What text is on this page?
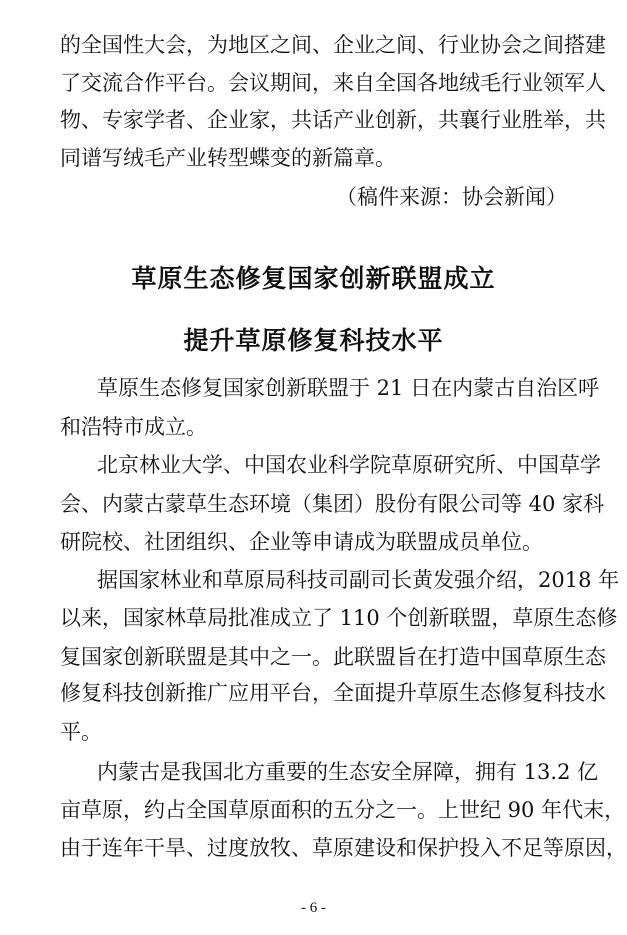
的全国性大会，为地区之间、企业之间、行业协会之间搭建
了交流合作平台。会议期间，来自全国各地绒毛行业领军人
物、专家学者、企业家，共话产业创新，共襄行业胜举，共
同谱写绒毛产业转型蝶变的新篇章。
（稿件来源：协会新闻）
草原生态修复国家创新联盟成立
提升草原修复科技水平
草原生态修复国家创新联盟于 21 日在内蒙古自治区呼
和浩特市成立。
北京林业大学、中国农业科学院草原研究所、中国草学
会、内蒙古蒙草生态环境（集团）股份有限公司等 40 家科
研院校、社团组织、企业等申请成为联盟成员单位。
据国家林业和草原局科技司副司长黄发强介绍，2018 年
以来，国家林草局批准成立了 110 个创新联盟，草原生态修
复国家创新联盟是其中之一。此联盟旨在打造中国草原生态
修复科技创新推广应用平台，全面提升草原生态修复科技水
平。
内蒙古是我国北方重要的生态安全屏障，拥有 13.2 亿
亩草原，约占全国草原面积的五分之一。上世纪 90 年代末，
由于连年干旱、过度放牧、草原建设和保护投入不足等原因，
- 6 -
